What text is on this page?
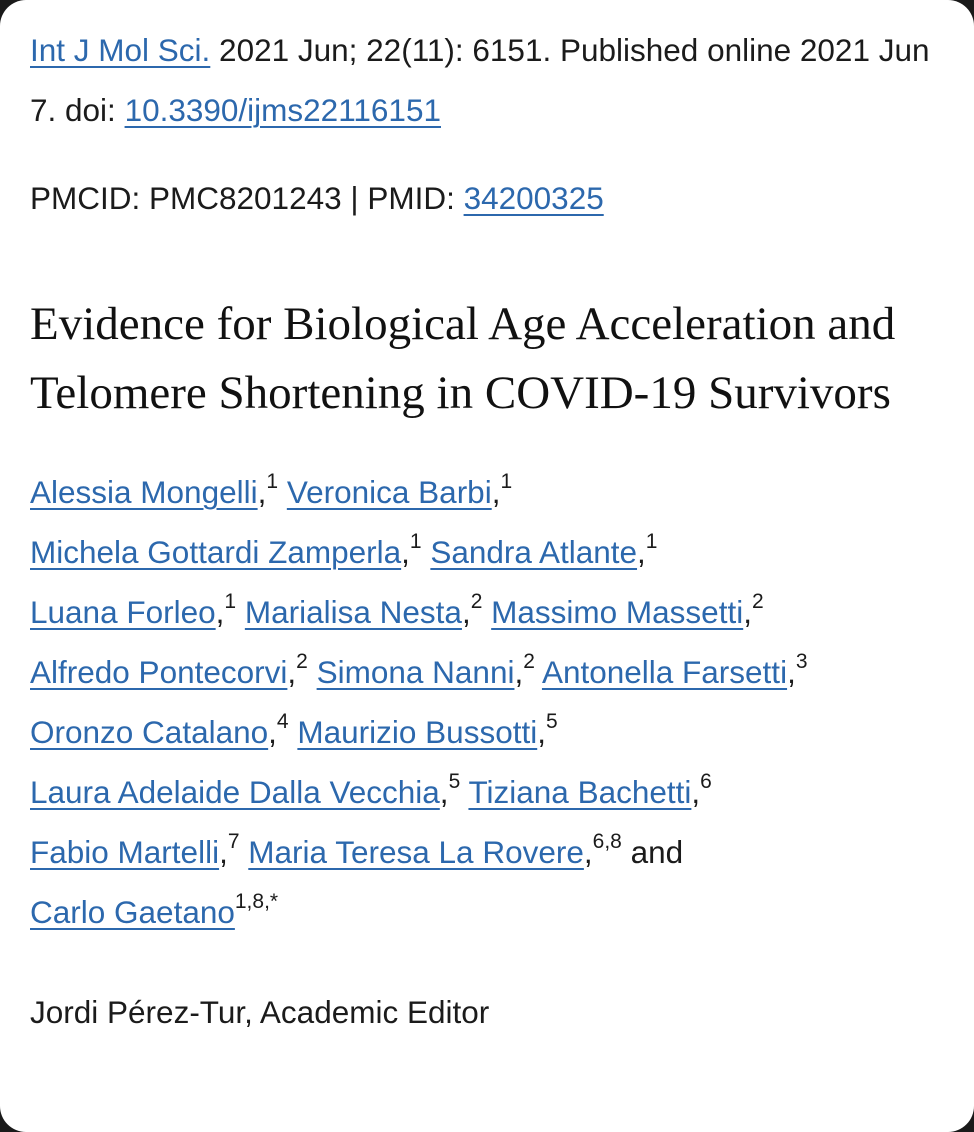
Int J Mol Sci. 2021 Jun; 22(11): 6151. Published online 2021 Jun 7. doi: 10.3390/ijms22116151

PMCID: PMC8201243 | PMID: 34200325

Evidence for Biological Age Acceleration and Telomere Shortening in COVID-19 Survivors
Alessia Mongelli,$^1$ Veronica Barbi,$^1$
Michela Gottardi Zamperla,$^1$ Sandra Atlante,$^1$
Luana Forleo,$^1$ Marialisa Nesta,$^2$ Massimo Massetti,$^2$
Alfredo Pontecorvi,$^2$ Simona Nanni,$^2$ Antonella Farsetti,$^3$
Oronzo Catalano,$^4$ Maurizio Bussotti,$^5$
Laura Adelaide Dalla Vecchia,$^5$ Tiziana Bachetti,$^6$
Fabio Martelli,$^7$ Maria Teresa La Rovere,$^{6,8}$ and
Carlo Gaetano$^{1,8,*}$

Jordi Pérez-Tur, Academic Editor
